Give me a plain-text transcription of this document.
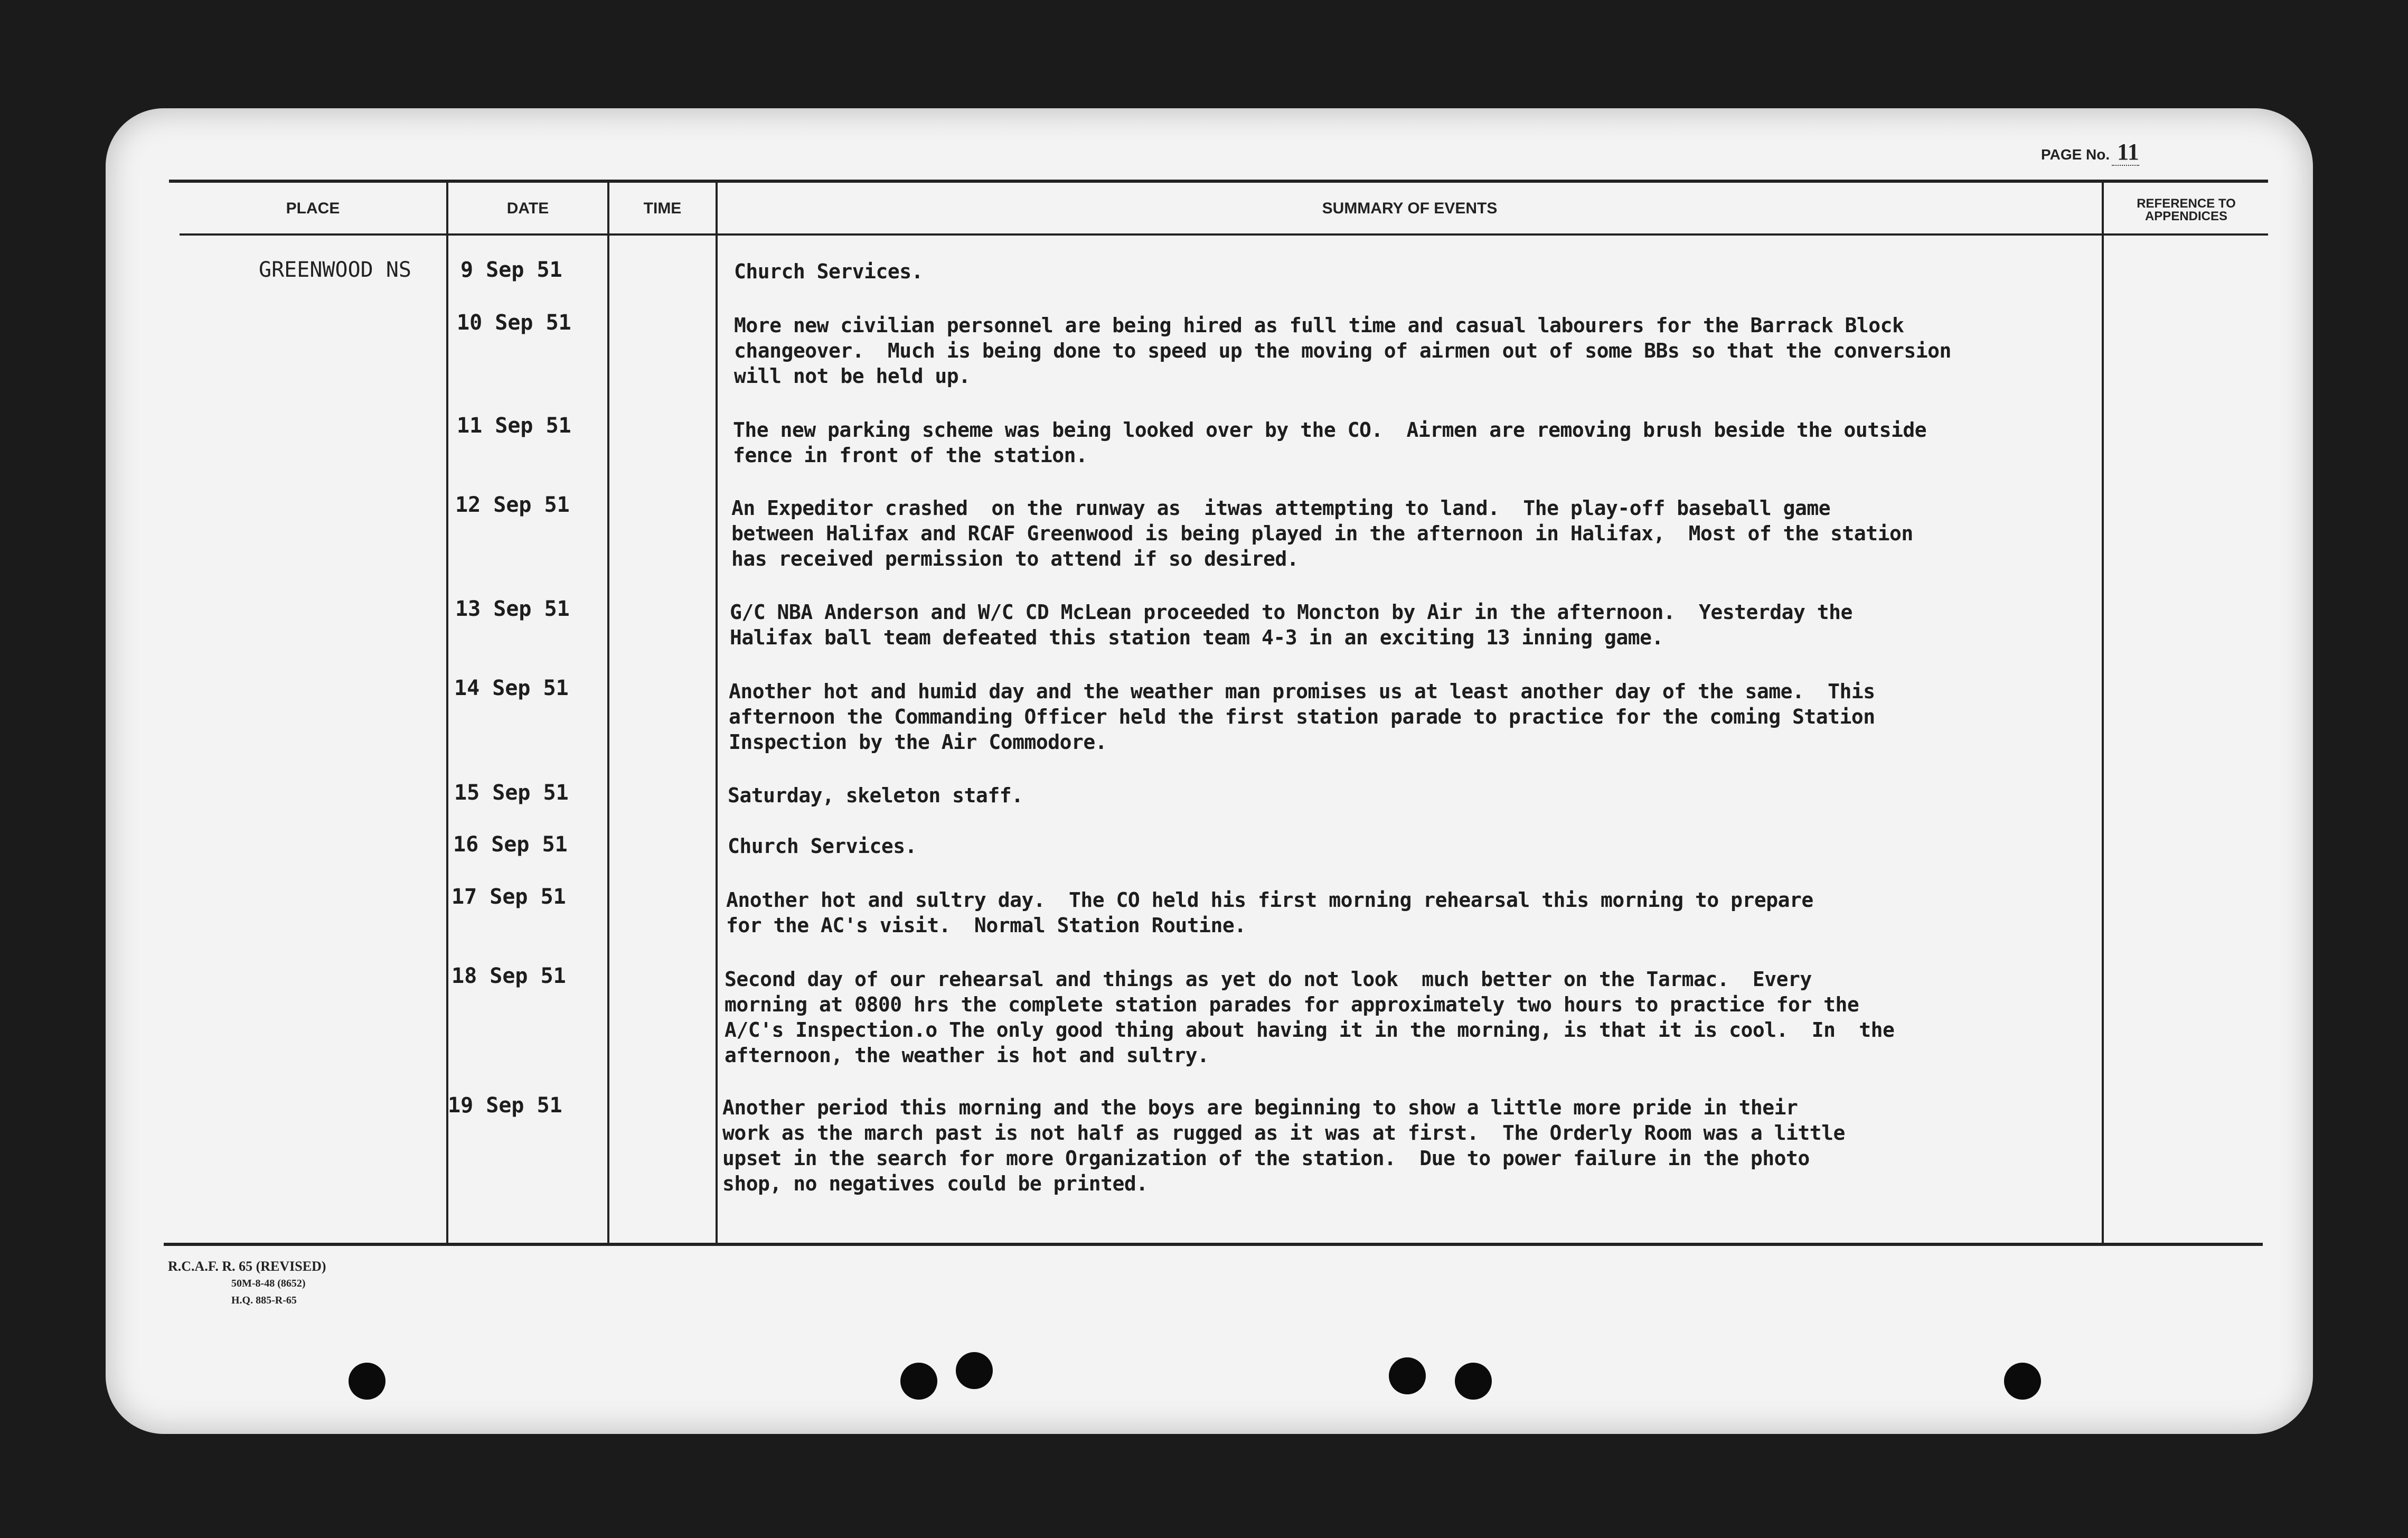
PAGE No. 11
PLACE	DATE	TIME	SUMMARY OF EVENTS	REFERENCE TO APPENDICES
GREENWOOD NS 9 Sep 51	Church Services.
10 Sep 51	More new civilian personnel are being hired as full time and casual labourers for the Barrack Block
changeover.  Much is being done to speed up the moving of airmen out of some BBs so that the conversion
will not be held up.
11 Sep 51	The new parking scheme was being looked over by the CO.  Airmen are removing brush beside the outside
fence in front of the station.
12 Sep 51	An Expeditor crashed  on the runway as  itwas attempting to land.  The play-off baseball game
between Halifax and RCAF Greenwood is being played in the afternoon in Halifax,  Most of the station
has received permission to attend if so desired.
13 Sep 51	G/C NBA Anderson and W/C CD McLean proceeded to Moncton by Air in the afternoon.  Yesterday the
Halifax ball team defeated this station team 4-3 in an exciting 13 inning game.
14 Sep 51	Another hot and humid day and the weather man promises us at least another day of the same.  This
afternoon the Commanding Officer held the first station parade to practice for the coming Station
Inspection by the Air Commodore.
15 Sep 51	Saturday, skeleton staff.
16 Sep 51	Church Services.
17 Sep 51	Another hot and sultry day.  The CO held his first morning rehearsal this morning to prepare
for the AC's visit.  Normal Station Routine.
18 Sep 51	Second day of our rehearsal and things as yet do not look  much better on the Tarmac.  Every
morning at 0800 hrs the complete station parades for approximately two hours to practice for the
A/C's Inspection.o The only good thing about having it in the morning, is that it is cool.  In  the
afternoon, the weather is hot and sultry.
19 Sep 51	Another period this morning and the boys are beginning to show a little more pride in their
work as the march past is not half as rugged as it was at first.  The Orderly Room was a little
upset in the search for more Organization of the station.  Due to power failure in the photo
shop, no negatives could be printed.
R.C.A.F. R. 65 (REVISED)
50M-8-48 (8652)
H.Q. 885-R-65
